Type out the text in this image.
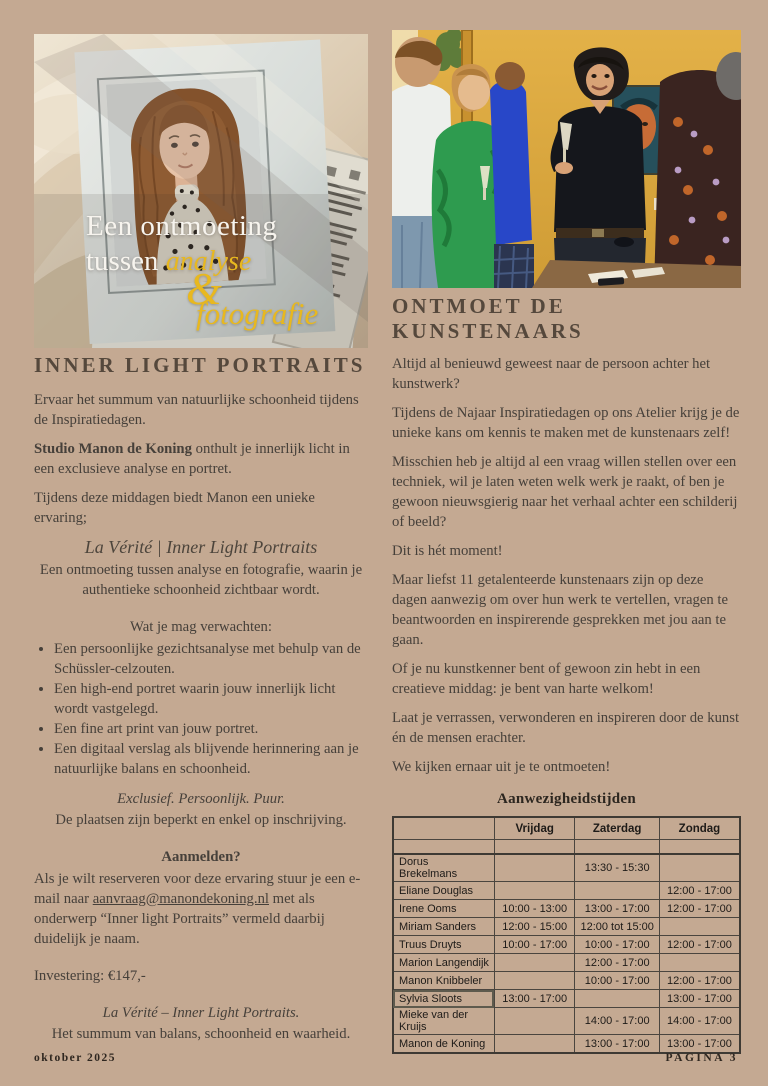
Een ontmoeting
tussen analyse
&
fotografie
INNER LIGHT PORTRAITS

Ervaar het summum van natuurlijke schoonheid tijdens de Inspiratiedagen.

Studio Manon de Koning onthult je innerlijk licht in een exclusieve analyse en portret.

Tijdens deze middagen biedt Manon een unieke ervaring;

La Vérité | Inner Light Portraits

Een ontmoeting tussen analyse en fotografie, waarin je authentieke schoonheid zichtbaar wordt.

Wat je mag verwachten:

• Een persoonlijke gezichtsanalyse met behulp van de Schüssler-celzouten.
• Een high-end portret waarin jouw innerlijk licht wordt vastgelegd.
• Een fine art print van jouw portret.
• Een digitaal verslag als blijvende herinnering aan je natuurlijke balans en schoonheid.

Exclusief. Persoonlijk. Puur.

De plaatsen zijn beperkt en enkel op inschrijving.

Aanmelden?

Als je wilt reserveren voor deze ervaring stuur je een e-mail naar aanvraag@manondekoning.nl met als onderwerp “Inner light Portraits” vermeld daarbij duidelijk je naam.

Investering: €147,-

La Vérité – Inner Light Portraits.

Het summum van balans, schoonheid en waarheid.

ONTMOET DE
KUNSTENAARS

Altijd al benieuwd geweest naar de persoon achter het kunstwerk?

Tijdens de Najaar Inspiratiedagen op ons Atelier krijg je de unieke kans om kennis te maken met de kunstenaars zelf!

Misschien heb je altijd al een vraag willen stellen over een techniek, wil je laten weten welk werk je raakt, of ben je gewoon nieuwsgierig naar het verhaal achter een schilderij of beeld?

Dit is hét moment!

Maar liefst 11 getalenteerde kunstenaars zijn op deze dagen aanwezig om over hun werk te vertellen, vragen te beantwoorden en inspirerende gesprekken met jou aan te gaan.

Of je nu kunstkenner bent of gewoon zin hebt in een creatieve middag: je bent van harte welkom!

Laat je verrassen, verwonderen en inspireren door de kunst én de mensen erachter.

We kijken ernaar uit je te ontmoeten!

Aanwezigheidstijden
	Vrijdag	Zaterdag	Zondag

Dorus Brekelmans		13:30 - 15:30	
Eliane Douglas			12:00 - 17:00
Irene Ooms	10:00 - 13:00	13:00 - 17:00	12:00 - 17:00
Miriam Sanders	12:00 - 15:00	12:00 tot 15:00	
Truus Druyts	10:00 - 17:00	10:00 - 17:00	12:00 - 17:00
Marion Langendijk		12:00 - 17:00	
Manon Knibbeler		10:00 - 17:00	12:00 - 17:00
Sylvia Sloots	13:00 - 17:00		13:00 - 17:00
Mieke van der Kruijs		14:00 - 17:00	14:00 - 17:00
Manon de Koning		13:00 - 17:00	13:00 - 17:00
oktober 2025	PAGINA 3
